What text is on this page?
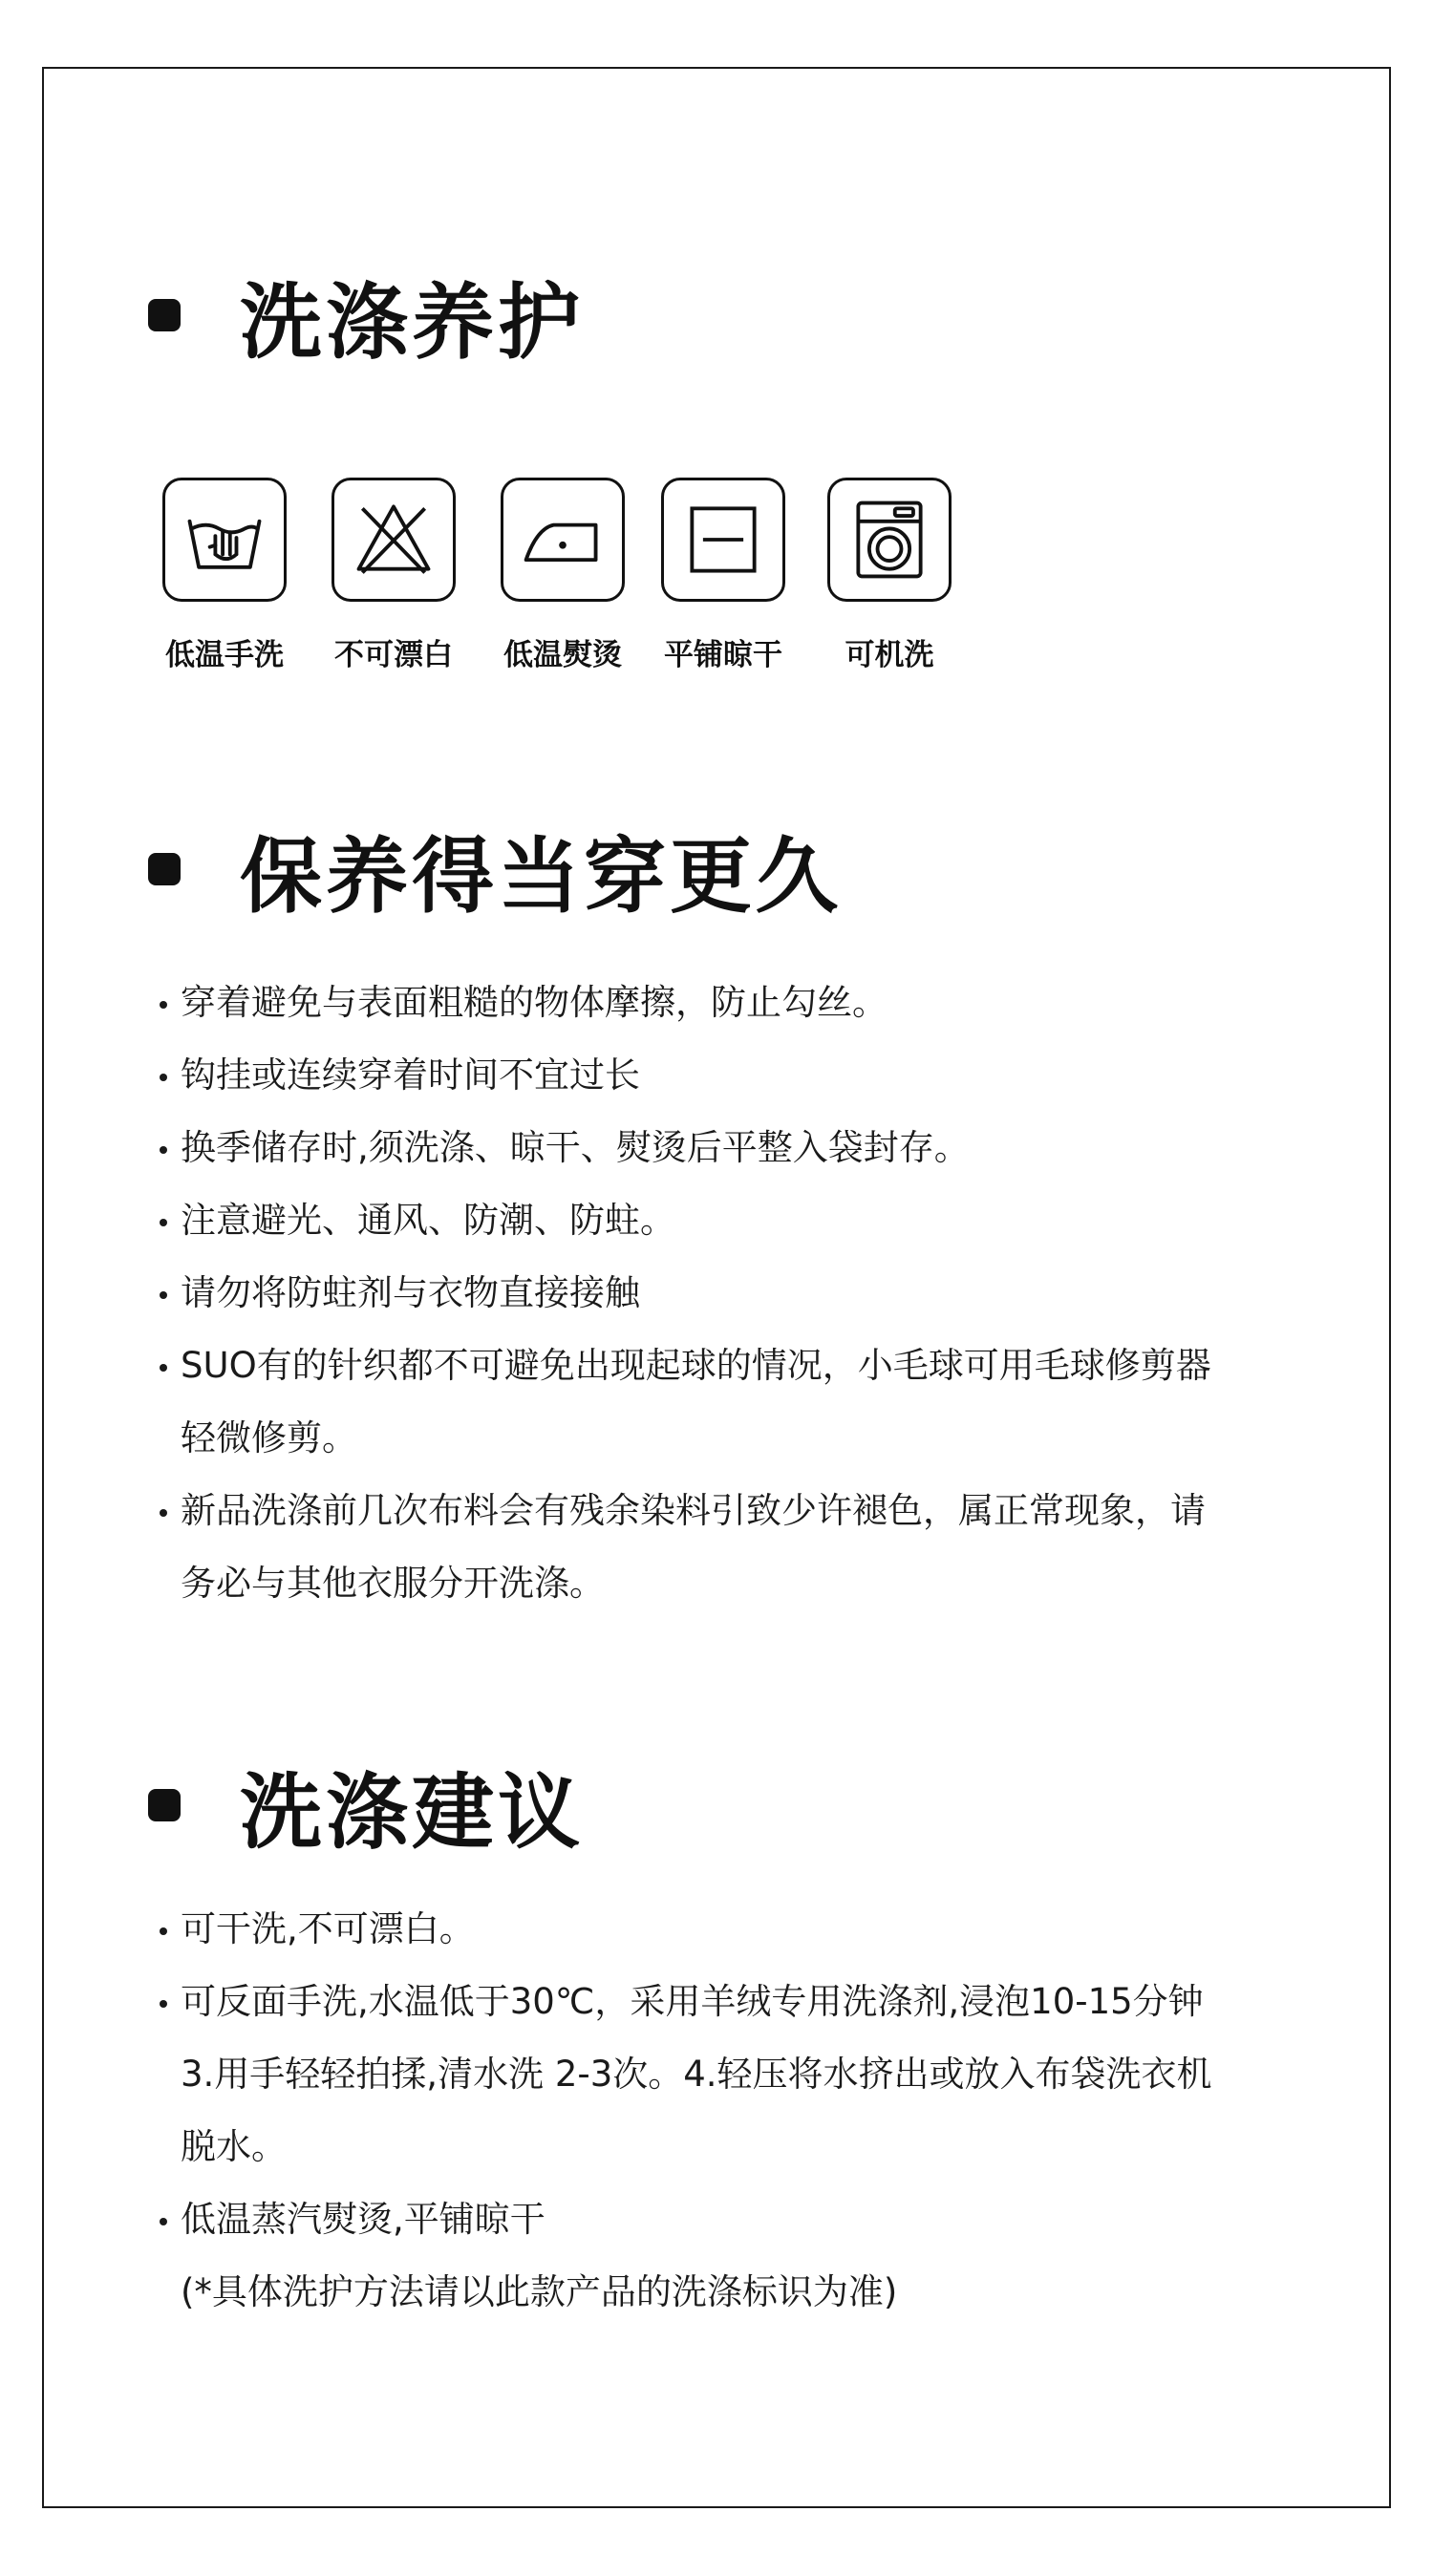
洗涤养护
低温手洗	不可漂白	低温熨烫	平铺晾干	可机洗
保养得当穿更久
穿着避免与表面粗糙的物体摩擦，防止勾丝。
钩挂或连续穿着时间不宜过长
换季储存时,须洗涤、晾干、熨烫后平整入袋封存。
注意避光、通风、防潮、防蛀。
请勿将防蛀剂与衣物直接接触
SUO有的针织都不可避免出现起球的情况，小毛球可用毛球修剪器轻微修剪。
新品洗涤前几次布料会有残余染料引致少许褪色，属正常现象，请务必与其他衣服分开洗涤。
洗涤建议
可干洗,不可漂白。
可反面手洗,水温低于30℃，采用羊绒专用洗涤剂,浸泡10-15分钟3.用手轻轻拍揉,清水洗 2-3次。4.轻压将水挤出或放入布袋洗衣机脱水。
低温蒸汽熨烫,平铺晾干
(*具体洗护方法请以此款产品的洗涤标识为准)
